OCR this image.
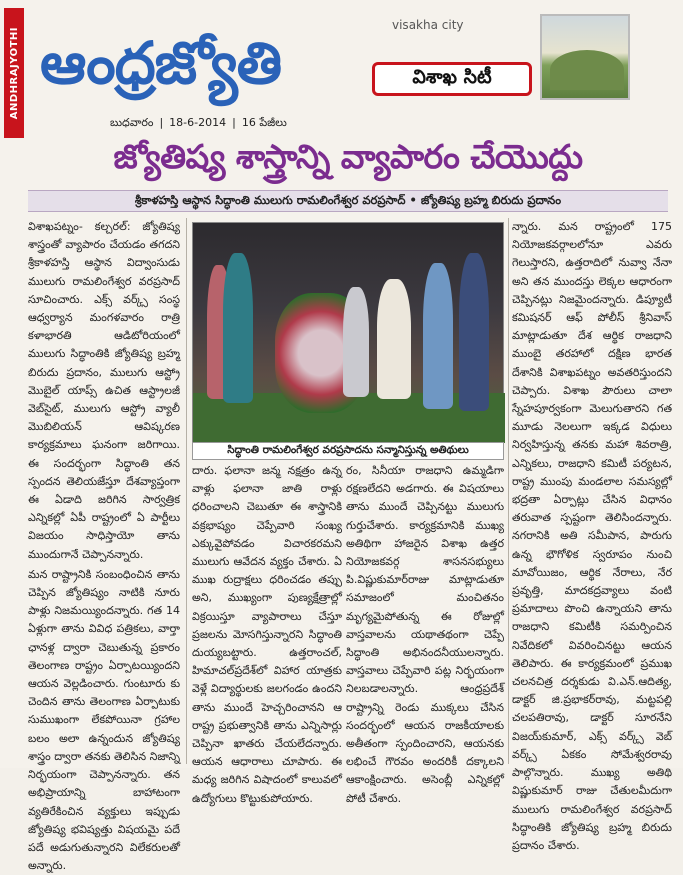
ANDHRAJYOTHI ఆంధ్రజ్యోతి
visakha city
విశాఖ సిటీ
బుధవారం | 18-6-2014 | 16 పేజీలు
జ్యోతిష్య శాస్త్రాన్ని వ్యాపారం చేయొద్దు
శ్రీకాళహస్తి ఆస్థాన సిద్ధాంతి ములుగు రామలింగేశ్వర వరప్రసాద్ • జ్యోతిష్య బ్రహ్మ బిరుదు ప్రదానం

విశాఖపట్నం- కల్చరల్: జ్యోతిష్య శాస్త్రంతో వ్యాపారం చేయడం తగదని శ్రీకాళహస్తి ఆస్థాన విద్వాంసుడు ములుగు రామలింగేశ్వర వరప్రసాద్ సూచించారు. ఎక్స్ వర్క్స్ సంస్థ ఆధ్వర్యాన మంగళవారం రాత్రి కళాభారతి ఆడిటోరియంలో ములుగు సిద్ధాంతికి జ్యోతిష్య బ్రహ్మ బిరుదు ప్రదానం, ములుగు ఆస్ట్రో మొబైల్ యాప్స్ ఉచిత ఆస్ట్రాలజీ వెబ్‌సైట్, ములుగు ఆస్ట్రో వ్యాలీ మొబిలియన్ ఆవిష్కరణ కార్యక్రమాలు ఘనంగా జరిగాయి. ఈ సందర్భంగా సిద్ధాంతి తన స్పందన తెలియజేస్తూ దేశవ్యాప్తంగా ఈ ఏడాది జరిగిన సార్వత్రిక ఎన్నికల్లో ఏపీ రాష్ట్రంలో ఏ పార్టీలు విజయం సాధిస్తాయో తాను ముందుగానే చెప్పానన్నారు.

మన రాష్ట్రానికి సంబంధించిన తాను చెప్పిన జ్యోతిష్యం నాటికి నూరు పాళ్లు నిజమయ్యిందన్నారు. గత 14 ఏళ్లుగా తాను వివిధ పత్రికలు, వార్తా ఛానళ్ల ద్వారా చెబుతున్న ప్రకారం తెలంగాణ రాష్ట్రం ఏర్పాటయ్యిందని ఆయన వెల్లడించారు. గుంటూరు కు చెందిన తాను తెలంగాణ ఏర్పాటుకు సుముఖంగా లేకపోయినా గ్రహాల బలం అలా ఉన్నందున జ్యోతిష్య శాస్త్రం ద్వారా తనకు తెలిసిన నిజాన్ని నిర్భయంగా చెప్పానన్నారు. తన అభిప్రాయాన్ని బాహాటంగా వ్యతిరేకించిన వ్యక్తులు ఇప్పుడు జ్యోతిష్య భవిష్యత్తు విషయమై పదే పదే అడుగుతున్నారని విలేకరులతో అన్నారు.

సిద్ధాంతి రామలింగేశ్వర వరప్రసాదను సన్మానిస్తున్న అతిథులు

దారు. ఫలానా జన్మ నక్షత్రం ఉన్న వాళ్లు ఫలానా జాతి రాళ్లు ధరించాలని చెబుతూ ఈ శాస్త్రానికి వక్రభాష్యం చెప్పేవారి సంఖ్య ఎక్కువైపోవడం విచారకరమని ములుగు ఆవేదన వ్యక్తం చేశారు. ఏ ముఖ రుద్రాక్షలు ధరించడం తప్పు అని, ముఖ్యంగా పుణ్యక్షేత్రాల్లో విక్రయిస్తూ వ్యాపారాలు చేస్తూ ప్రజలను మోసగిస్తున్నారని సిద్ధాంతి దుయ్యబట్టారు. ఉత్తరాంచల్, హిమాచల్‌ప్రదేశ్‌లో విహార యాత్రకు వెళ్లే విద్యార్థులకు జలగండం ఉందని తాను ముందే హెచ్చరించానని ఆ రాష్ట్ర ప్రభుత్వానికి తాను ఎన్నిసార్లు చెప్పినా ఖాతరు చేయలేదన్నారు. ఆయన ఆధారాలు చూపారు. ఈ మధ్య జరిగిన విషాదంలో కాలువలో ఉద్యోగులు కొట్టుకుపోయారు.

రం, సినీయా రాజధాని ఉమ్మడిగా రక్షణలేదని అడగారు. ఈ విషయాలు తాను ముందే చెప్పినట్టు ములుగు గుర్తుచేశారు. కార్యక్రమానికి ముఖ్య అతిథిగా హాజరైన విశాఖ ఉత్తర నియోజకవర్గ శాసనసభ్యులు పి.విష్ణుకుమార్‌రాజు మాట్లాడుతూ సమాజంలో మంచితనం మృగ్యమైపోతున్న ఈ రోజుల్లో వాస్తవాలను యథాతథంగా చెప్పే సిద్ధాంతి అభినందనీయులన్నారు. వాస్తవాలు చెప్పేవారి పట్ల నిర్భయంగా నిలబడాలన్నారు. ఆంధ్రప్రదేశ్ రాష్ట్రాన్ని రెండు ముక్కలు చేసిన సందర్భంలో ఆయన రాజకీయాలకు అతీతంగా స్పందించారని, ఆయనకు లభించే గౌరవం అందరికీ దక్కాలని ఆకాంక్షించారు. అసెంబ్లీ ఎన్నికల్లో పోటీ చేశారు.

న్నారు. మన రాష్ట్రంలో 175 నియోజకవర్గాలలోనూ ఎవరు గెలుస్తారని, ఉత్తరాదిలో నువ్వా నేనా అని తన ముందస్తు లెక్కల ఆధారంగా చెప్పినట్లు నిజమైందన్నారు. డిప్యూటీ కమిషనర్ ఆఫ్ పోలీస్ శ్రీనివాస్ మాట్లాడుతూ దేశ ఆర్థిక రాజధాని ముంబై తరహాలో దక్షిణ భారత దేశానికి విశాఖపట్నం అవతరిస్తుందని చెప్పారు. విశాఖ పౌరులు చాలా స్నేహపూర్వకంగా మెలుగుతారని గత మూడు నెలలుగా ఇక్కడ విధులు నిర్వహిస్తున్న తనకు మహా శివరాత్రి, ఎన్నికలు, రాజధాని కమిటీ పర్యటన, రాష్ట్ర ముంపు మండలాల సమస్యల్లో భద్రతా ఏర్పాట్లు చేసిన విధానం తరువాత స్పష్టంగా తెలిసిందన్నారు. నగరానికి అతి సమీపాన, పారుగు ఉన్న భౌగోళిక స్వరూపం నుంచి మావోయిజం, ఆర్థిక నేరాలు, నేర ప్రవృత్తి, మాదకద్రవ్యాలు వంటి ప్రమాదాలు పొంచి ఉన్నాయని తాను రాజధాని కమిటీకి సమర్పించిన నివేదికలో వివరించినట్టు ఆయన తెలిపారు. ఈ కార్యక్రమంలో ప్రముఖ చలనచిత్ర దర్శకుడు వి.ఎన్.ఆదిత్య, డాక్టర్ జి.ప్రభాకర్‌రావు, మట్టపల్లి చలపతిరావు, డాక్టర్ సూరనేని విజయ్‌కుమార్, ఎక్స్ వర్క్స్ వెబ్ వర్క్స్ ఏకకం సోమేశ్వరరావు పాల్గొన్నారు. ముఖ్య అతిథి విష్ణుకుమార్ రాజు చేతులమీదుగా ములుగు రామలింగేశ్వర వరప్రసాద్ సిద్ధాంతికి జ్యోతిష్య బ్రహ్మ బిరుదు ప్రదానం చేశారు.
